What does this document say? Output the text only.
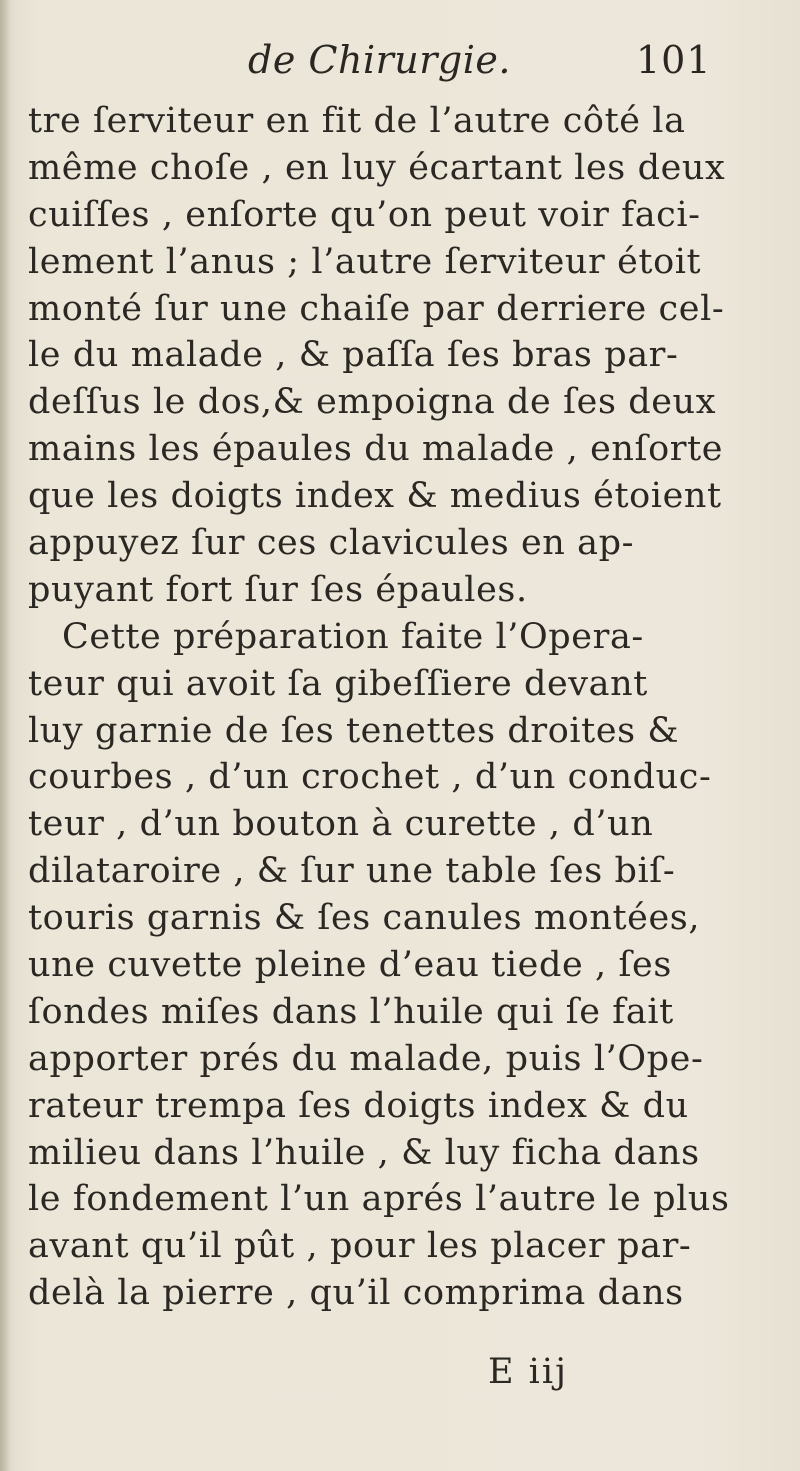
de Chirurgie.	101
tre ſerviteur en fit de l’autre côté la
même choſe , en luy écartant les deux
cuiſſes , enſorte qu’on peut voir faci-
lement l’anus ; l’autre ſerviteur étoit
monté ſur une chaiſe par derriere cel-
le du malade , & paſſa ſes bras par-
deſſus le dos,& empoigna de ſes deux
mains les épaules du malade , enſorte
que les doigts index & medius étoient
appuyez ſur ces clavicules en ap-
puyant fort ſur ſes épaules.
Cette préparation faite l’Opera-
teur qui avoit ſa gibeſſiere devant
luy garnie de ſes tenettes droites &
courbes , d’un crochet , d’un conduc-
teur , d’un bouton à curette , d’un
dilataroire , & ſur une table ſes biſ-
touris garnis & ſes canules montées,
une cuvette pleine d’eau tiede , ſes
ſondes miſes dans l’huile qui ſe fait
apporter prés du malade, puis l’Ope-
rateur trempa ſes doigts index & du
milieu dans l’huile , & luy ficha dans
le fondement l’un aprés l’autre le plus
avant qu’il pût , pour les placer par-
delà la pierre , qu’il comprima dans
E iij
